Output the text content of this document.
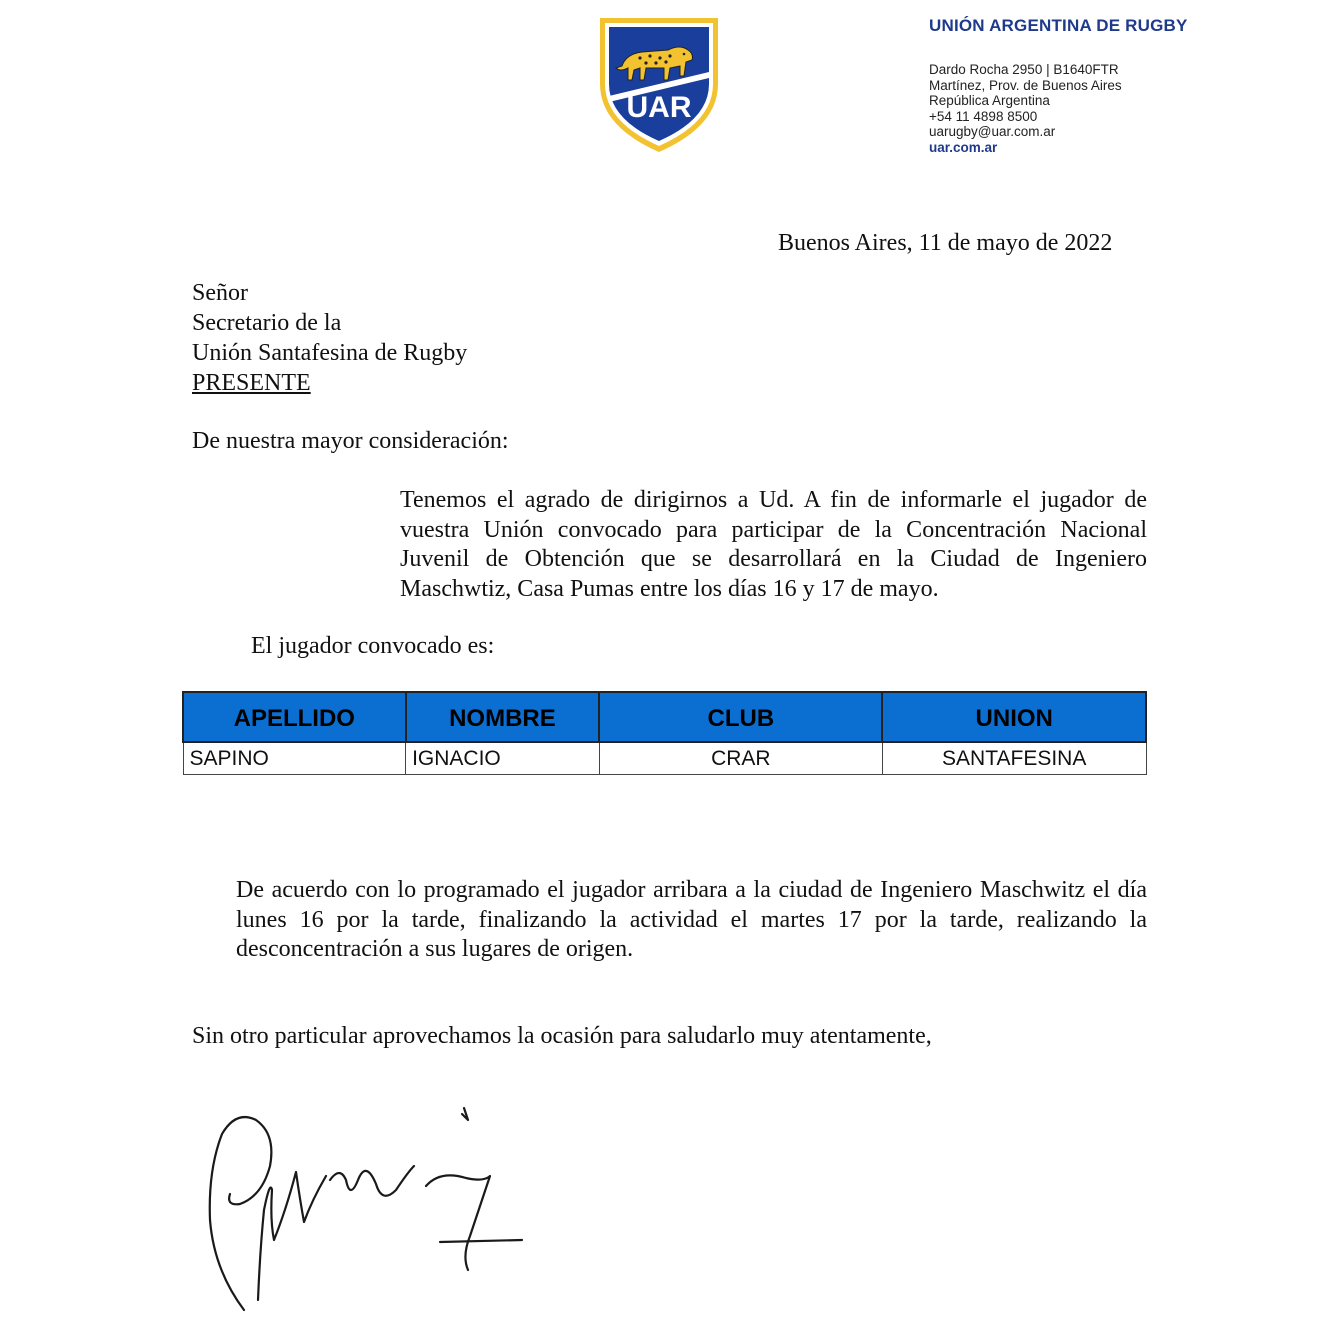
UAR
UNIÓN ARGENTINA DE RUGBY
Dardo Rocha 2950 | B1640FTR
Martínez, Prov. de Buenos Aires
República Argentina
+54 11 4898 8500
uarugby@uar.com.ar
uar.com.ar
Buenos Aires, 11 de mayo de 2022
Señor
Secretario de la
Unión Santafesina de Rugby
PRESENTE
De nuestra mayor consideración:
Tenemos el agrado de dirigirnos a Ud. A fin de informarle el jugador de vuestra Unión convocado para participar de la Concentración Nacional Juvenil de Obtención que se desarrollará en la Ciudad de Ingeniero Maschwtiz, Casa Pumas entre los días 16 y 17 de mayo.
El jugador convocado es:
APELLIDO	NOMBRE	CLUB	UNION
SAPINO	IGNACIO	CRAR	SANTAFESINA
De acuerdo con lo programado el jugador arribara a la ciudad de Ingeniero Maschwitz el día lunes 16 por la tarde, finalizando la actividad el martes 17 por la tarde, realizando la desconcentración a sus lugares de origen.
Sin otro particular aprovechamos la ocasión para saludarlo muy atentamente,
